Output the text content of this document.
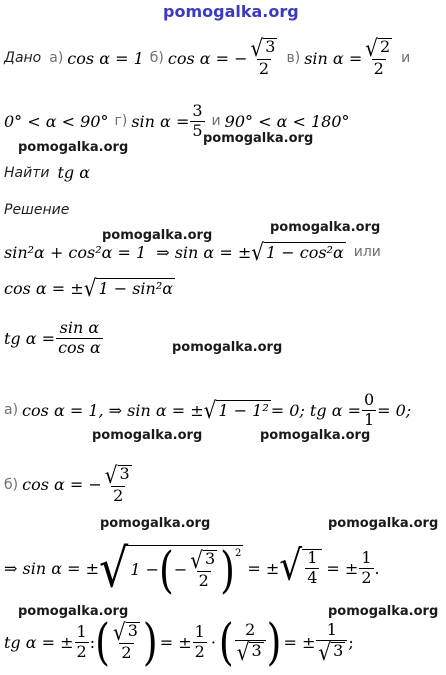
pomogalka.org
Дано а) cos α = 1 б) cos α = − $\frac{√ 3}{2} в$) $\sin \alpha = \frac{√ 2}{2}$ и
0° < α < 90° г) $\sin \alpha = \frac{3}{5}$ и 90° < α < 180°
pomogalka.org
pomogalka.org
Найти tg α
Решение
pomogalka.org
pomogalka.org
sin²α + cos²α = 1 ⇒ sin α = ± √ 1 − cos²α или
cos α = ± √ 1 − sin²α
tg $\alpha = \frac{\text{sin α}}{\text{cos α}}$	pomogalka.org
а) cos α = 1, ⇒ sin α = ± √ 1 − 1² = 0; tg $\alpha = \frac{0}{1} = 0$;
pomogalka.org	pomogalka.org
б) cos α = − $\frac{√ 3}{2}$
pomogalka.org	pomogalka.org
⇒ sin α = ± √ 1 − ( − $\frac{√ 3}{2} )^2$
= ± √ $\frac{1}{4}$ = ± $\frac{1}{2}$ .
pomogalka.org	pomogalka.org
tg α = ± $\frac{1}{2}$ : ( $\frac{√ 3}{2}$ ) = ± $\frac{1}{2}$ · ( $\frac{2}{√ 3}$ ) = ± $\frac{1}{√ 3}$ ;
